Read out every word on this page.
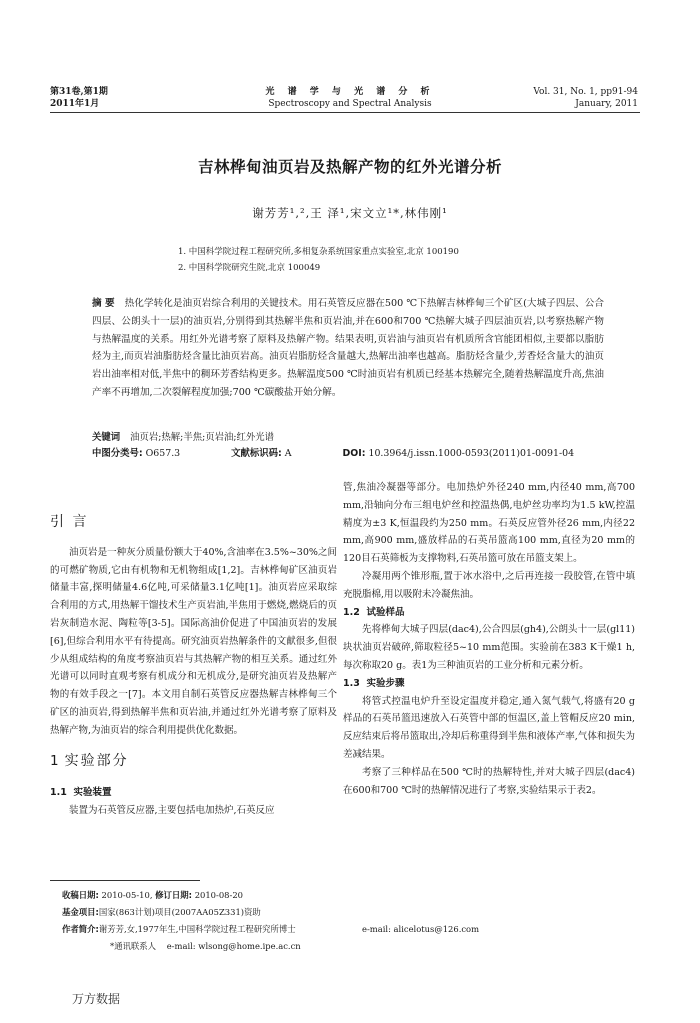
第31卷,第1期
2011年1月
光 谱 学 与 光 谱 分 析
Spectroscopy and Spectral Analysis
Vol. 31, No. 1, pp91-94
January, 2011
吉林桦甸油页岩及热解产物的红外光谱分析
谢芳芳¹,²,王 泽¹,宋文立¹*,林伟刚¹
1. 中国科学院过程工程研究所,多相复杂系统国家重点实验室,北京 100190
2. 中国科学院研究生院,北京 100049
摘 要 热化学转化是油页岩综合利用的关键技术。用石英管反应器在500 ℃下热解吉林桦甸三个矿区(大城子四层、公合四层、公朗头十一层)的油页岩,分别得到其热解半焦和页岩油,并在600和700 ℃热解大城子四层油页岩,以考察热解产物与热解温度的关系。用红外光谱考察了原料及热解产物。结果表明,页岩油与油页岩有机质所含官能团相似,主要都以脂肪烃为主,而页岩油脂肪烃含量比油页岩高。油页岩脂肪烃含量越大,热解出油率也越高。脂肪烃含量少,芳香烃含量大的油页岩出油率相对低,半焦中的稠环芳香结构更多。热解温度500 ℃时油页岩有机质已经基本热解完全,随着热解温度升高,焦油产率不再增加,二次裂解程度加强;700 ℃碳酸盐开始分解。
关键词 油页岩;热解;半焦;页岩油;红外光谱
中图分类号: O657.3	文献标识码: A	DOI: 10.3964/j.issn.1000-0593(2011)01-0091-04
引 言
油页岩是一种灰分质量份额大于40%,含油率在3.5%~30%之间的可燃矿物质,它由有机物和无机物组成[1,2]。吉林桦甸矿区油页岩储量丰富,探明储量4.6亿吨,可采储量3.1亿吨[1]。油页岩应采取综合利用的方式,用热解干馏技术生产页岩油,半焦用于燃烧,燃烧后的页岩灰制造水泥、陶粒等[3-5]。国际高油价促进了中国油页岩的发展[6],但综合利用水平有待提高。研究油页岩热解条件的文献很多,但很少从组成结构的角度考察油页岩与其热解产物的相互关系。通过红外光谱可以同时直观考察有机成分和无机成分,是研究油页岩及热解产物的有效手段之一[7]。本文用自制石英管反应器热解吉林桦甸三个矿区的油页岩,得到热解半焦和页岩油,并通过红外光谱考察了原料及热解产物,为油页岩的综合利用提供优化数据。
1 实验部分
1.1 实验装置
装置为石英管反应器,主要包括电加热炉,石英反应
管,焦油冷凝器等部分。电加热炉外径240 mm,内径40 mm,高700 mm,沿轴向分布三组电炉丝和控温热偶,电炉丝功率均为1.5 kW,控温精度为±3 K,恒温段约为250 mm。石英反应管外径26 mm,内径22 mm,高900 mm,盛放样品的石英吊篮高100 mm,直径为20 mm的120目石英筛板为支撑物料,石英吊篮可放在吊篮支架上。
冷凝用两个锥形瓶,置于冰水浴中,之后再连接一段胶管,在管中填充脱脂棉,用以吸附未冷凝焦油。
1.2 试验样品
先将桦甸大城子四层(dac4),公合四层(gh4),公朗头十一层(gl11)块状油页岩破碎,筛取粒径5~10 mm范围。实验前在383 K干燥1 h,每次称取20 g。表1为三种油页岩的工业分析和元素分析。
1.3 实验步骤
将管式控温电炉升至设定温度并稳定,通入氮气载气,将盛有20 g样品的石英吊篮迅速放入石英管中部的恒温区,盖上管帽反应20 min,反应结束后将吊篮取出,冷却后称重得到半焦和液体产率,气体和损失为差减结果。
考察了三种样品在500 ℃时的热解特性,并对大城子四层(dac4)在600和700 ℃时的热解情况进行了考察,实验结果示于表2。
收稿日期: 2010-05-10, 修订日期: 2010-08-20
基金项目:国家(863计划)项目(2007AA05Z331)资助
作者简介:谢芳芳,女,1977年生,中国科学院过程工程研究所博士	e-mail: alicelotus@126.com
*通讯联系人 e-mail: wlsong@home.ipe.ac.cn
万方数据
